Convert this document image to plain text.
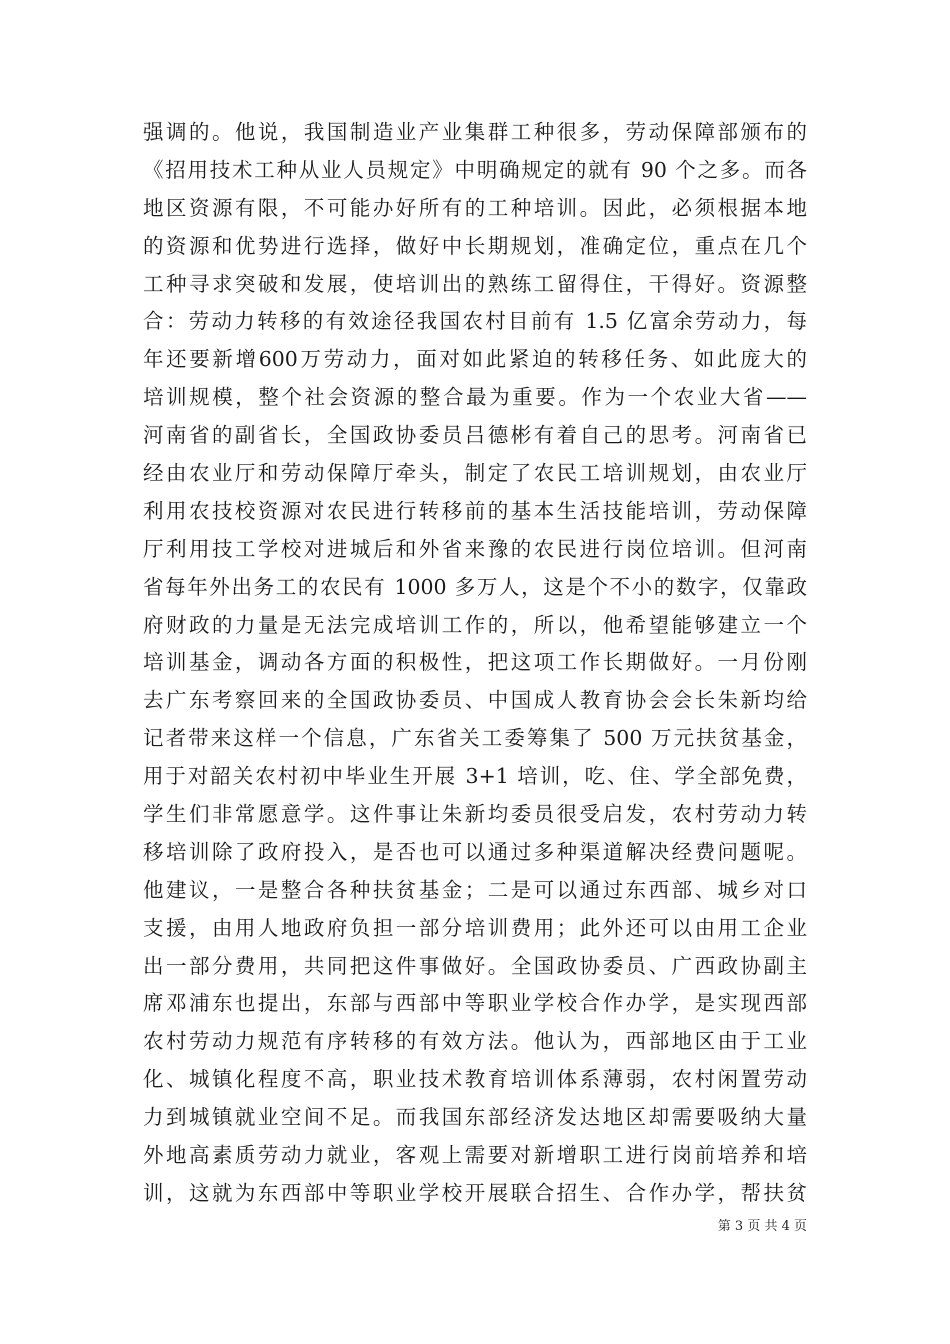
强调的。他说，我国制造业产业集群工种很多，劳动保障部颁布的
《招用技术工种从业人员规定》中明确规定的就有 90 个之多。而各
地区资源有限，不可能办好所有的工种培训。因此，必须根据本地
的资源和优势进行选择，做好中长期规划，准确定位，重点在几个
工种寻求突破和发展，使培训出的熟练工留得住，干得好。资源整
合：劳动力转移的有效途径我国农村目前有 1.5 亿富余劳动力，每
年还要新增600万劳动力，面对如此紧迫的转移任务、如此庞大的
培训规模，整个社会资源的整合最为重要。作为一个农业大省——
河南省的副省长，全国政协委员吕德彬有着自己的思考。河南省已
经由农业厅和劳动保障厅牵头，制定了农民工培训规划，由农业厅
利用农技校资源对农民进行转移前的基本生活技能培训，劳动保障
厅利用技工学校对进城后和外省来豫的农民进行岗位培训。但河南
省每年外出务工的农民有 1000 多万人，这是个不小的数字，仅靠政
府财政的力量是无法完成培训工作的，所以，他希望能够建立一个
培训基金，调动各方面的积极性，把这项工作长期做好。一月份刚
去广东考察回来的全国政协委员、中国成人教育协会会长朱新均给
记者带来这样一个信息，广东省关工委筹集了 500 万元扶贫基金，
用于对韶关农村初中毕业生开展 3+1 培训，吃、住、学全部免费，
学生们非常愿意学。这件事让朱新均委员很受启发，农村劳动力转
移培训除了政府投入，是否也可以通过多种渠道解决经费问题呢。
他建议，一是整合各种扶贫基金；二是可以通过东西部、城乡对口
支援，由用人地政府负担一部分培训费用；此外还可以由用工企业
出一部分费用，共同把这件事做好。全国政协委员、广西政协副主
席邓浦东也提出，东部与西部中等职业学校合作办学，是实现西部
农村劳动力规范有序转移的有效方法。他认为，西部地区由于工业
化、城镇化程度不高，职业技术教育培训体系薄弱，农村闲置劳动
力到城镇就业空间不足。而我国东部经济发达地区却需要吸纳大量
外地高素质劳动力就业，客观上需要对新增职工进行岗前培养和培
训，这就为东西部中等职业学校开展联合招生、合作办学，帮扶贫
第 3 页 共 4 页
